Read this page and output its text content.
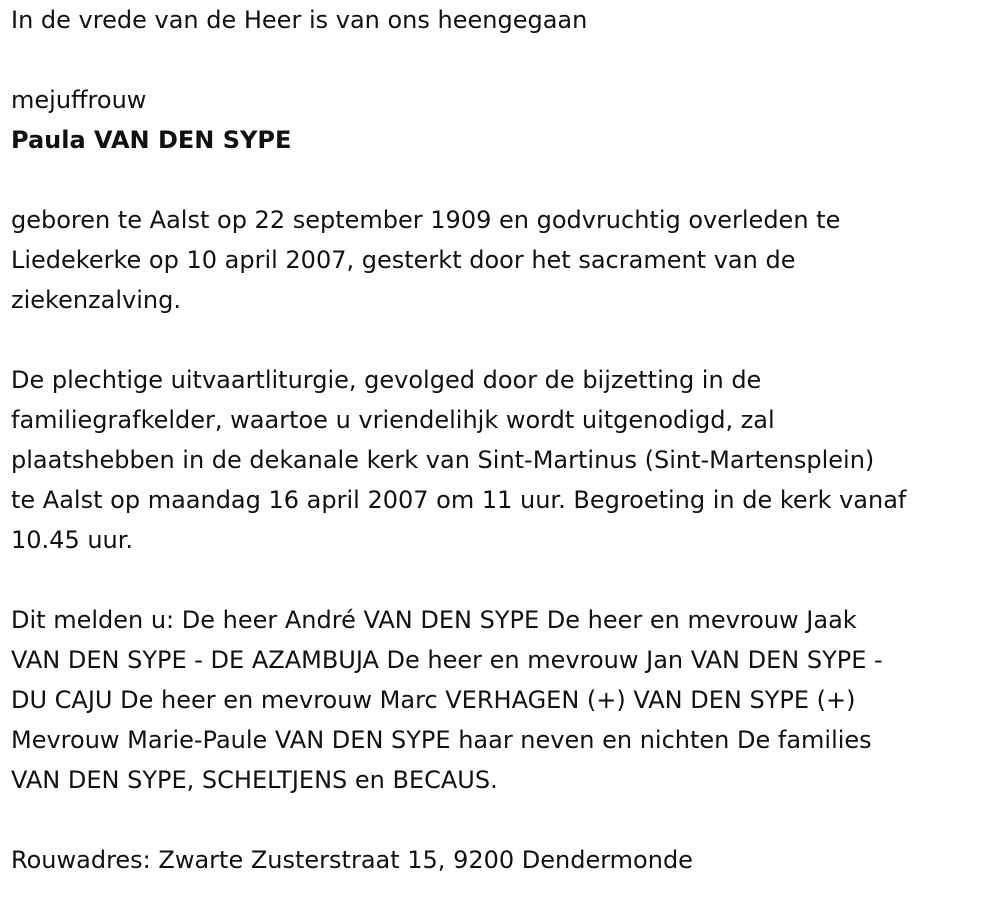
In de vrede van de Heer is van ons heengegaan

mejuffrouw

Paula VAN DEN SYPE

geboren te Aalst op 22 september 1909 en godvruchtig overleden te
Liedekerke op 10 april 2007, gesterkt door het sacrament van de
ziekenzalving.
De plechtige uitvaartliturgie, gevolged door de bijzetting in de
familiegrafkelder, waartoe u vriendelihjk wordt uitgenodigd, zal
plaatshebben in de dekanale kerk van Sint-Martinus (Sint-Martensplein)
te Aalst op maandag 16 april 2007 om 11 uur. Begroeting in de kerk vanaf
10.45 uur.
Dit melden u: De heer André VAN DEN SYPE De heer en mevrouw Jaak
VAN DEN SYPE - DE AZAMBUJA De heer en mevrouw Jan VAN DEN SYPE -
DU CAJU De heer en mevrouw Marc VERHAGEN (+) VAN DEN SYPE (+)
Mevrouw Marie-Paule VAN DEN SYPE haar neven en nichten De families
VAN DEN SYPE, SCHELTJENS en BECAUS.

Rouwadres: Zwarte Zusterstraat 15, 9200 Dendermonde
